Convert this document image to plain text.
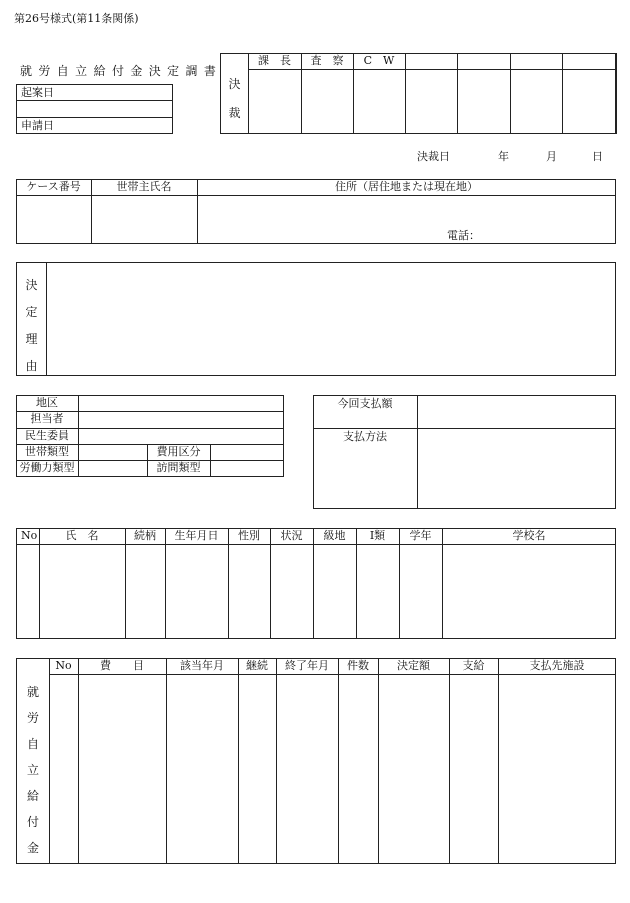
第26号様式(第11条関係)
就 労 自 立 給 付 金 決 定 調 書
起案日
申請日
決
裁
課　長	査　察	C　W
決裁日	年	月	日
ケース番号	世帯主氏名	住所（居住地または現在地）
電話：
決
定
理
由
地区
担当者
民生委員
世帯類型	費用区分
労働力類型	訪問類型
今回支払額
支払方法
No	氏　名	続柄	生年月日	性別	状況	級地	Ⅰ類	学年	学校名
就
労
自
立
給
付
金
No	費　　目	該当年月	継続	終了年月	件数	決定額	支給	支払先施設
